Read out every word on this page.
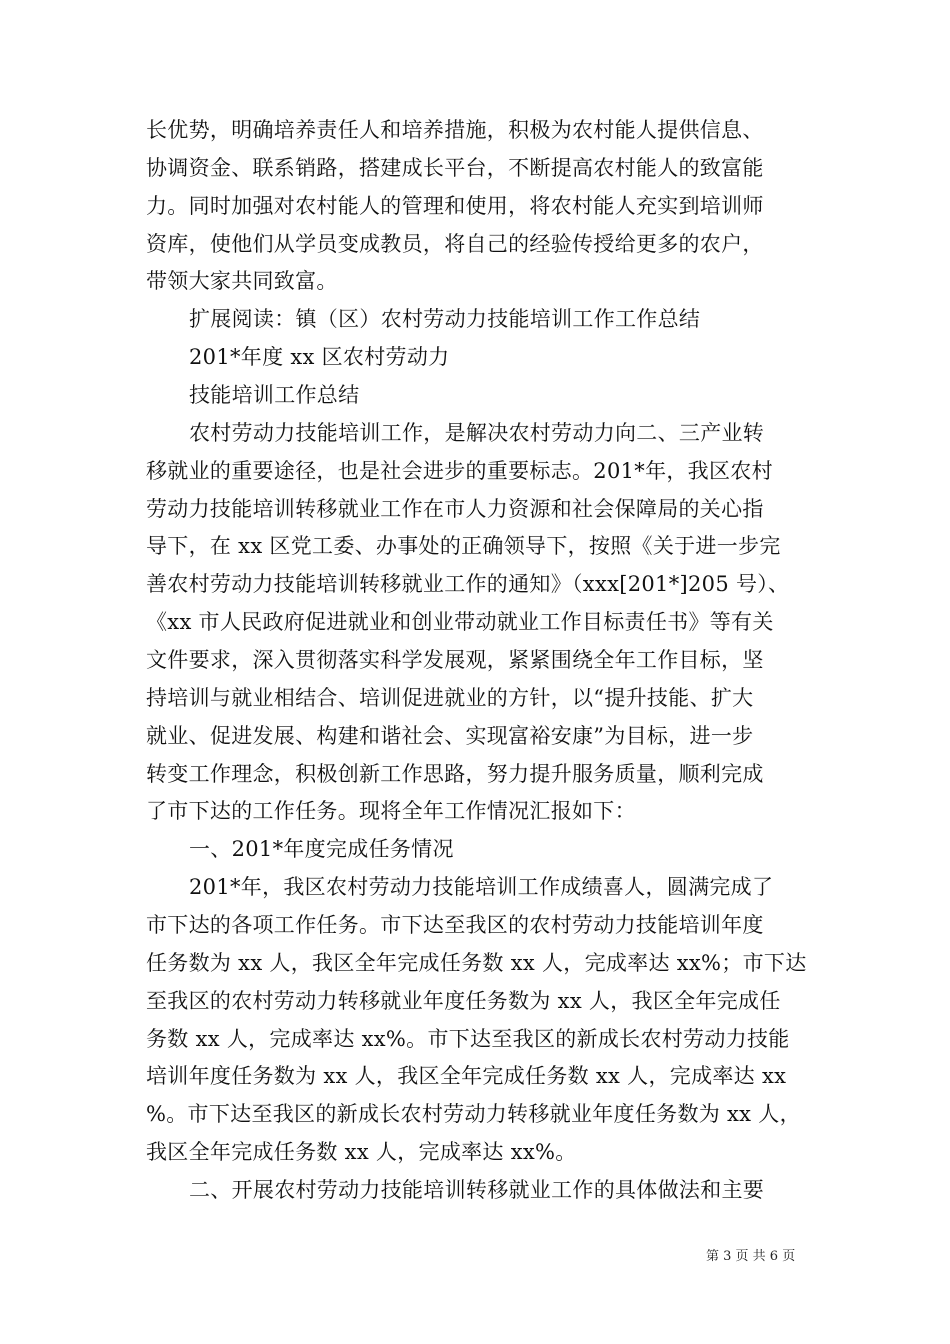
长优势，明确培养责任人和培养措施，积极为农村能人提供信息、
协调资金、联系销路，搭建成长平台，不断提高农村能人的致富能
力。同时加强对农村能人的管理和使用，将农村能人充实到培训师
资库，使他们从学员变成教员，将自己的经验传授给更多的农户，
带领大家共同致富。
扩展阅读：镇（区）农村劳动力技能培训工作工作总结
201*年度 xx 区农村劳动力
技能培训工作总结
农村劳动力技能培训工作，是解决农村劳动力向二、三产业转
移就业的重要途径，也是社会进步的重要标志。201*年，我区农村
劳动力技能培训转移就业工作在市人力资源和社会保障局的关心指
导下，在 xx 区党工委、办事处的正确领导下，按照《关于进一步完
善农村劳动力技能培训转移就业工作的通知》（xxx[201*]205 号）、
《xx 市人民政府促进就业和创业带动就业工作目标责任书》等有关
文件要求，深入贯彻落实科学发展观，紧紧围绕全年工作目标，坚
持培训与就业相结合、培训促进就业的方针，以“提升技能、扩大
就业、促进发展、构建和谐社会、实现富裕安康”为目标，进一步
转变工作理念，积极创新工作思路，努力提升服务质量，顺利完成
了市下达的工作任务。现将全年工作情况汇报如下：
一、201*年度完成任务情况
201*年，我区农村劳动力技能培训工作成绩喜人，圆满完成了
市下达的各项工作任务。市下达至我区的农村劳动力技能培训年度
任务数为 xx 人，我区全年完成任务数 xx 人，完成率达 xx%；市下达
至我区的农村劳动力转移就业年度任务数为 xx 人，我区全年完成任
务数 xx 人，完成率达 xx%。市下达至我区的新成长农村劳动力技能
培训年度任务数为 xx 人，我区全年完成任务数 xx 人，完成率达 xx
%。市下达至我区的新成长农村劳动力转移就业年度任务数为 xx 人，
我区全年完成任务数 xx 人，完成率达 xx%。
二、开展农村劳动力技能培训转移就业工作的具体做法和主要
第 3 页 共 6 页
